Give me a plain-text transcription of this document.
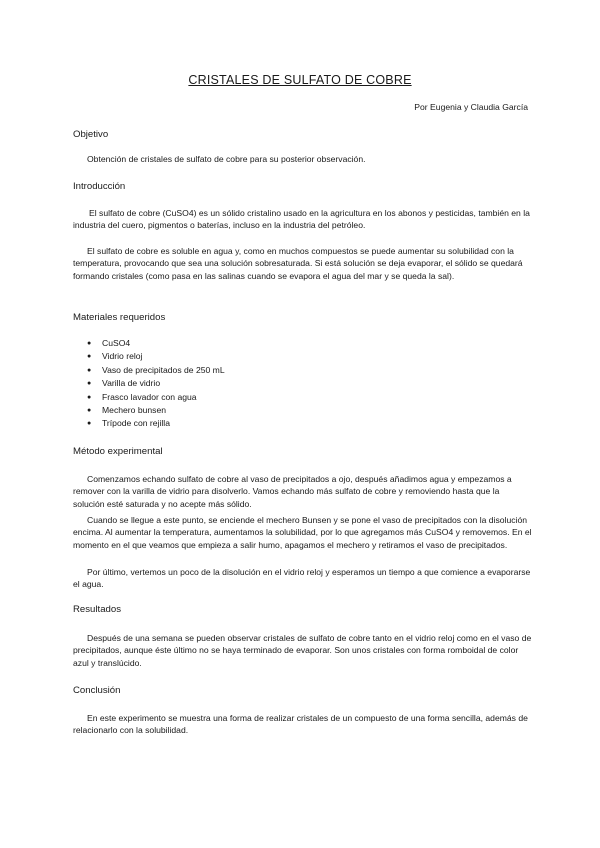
CRISTALES DE SULFATO DE COBRE
Por Eugenia y Claudia García
Objetivo

Obtención de cristales de sulfato de cobre para su posterior observación.

Introducción

El sulfato de cobre (CuSO4) es un sólido cristalino usado en la agricultura en los abonos y pesticidas, también en la industria del cuero, pigmentos o baterías, incluso en la industria del petróleo.

El sulfato de cobre es soluble en agua y, como en muchos compuestos se puede aumentar su solubilidad con la temperatura, provocando que sea una solución sobresaturada. Si está solución se deja evaporar, el sólido se quedará formando cristales (como pasa en las salinas cuando se evapora el agua del mar y se queda la sal).

Materiales requeridos
● CuSO4
● Vidrio reloj
● Vaso de precipitados de 250 mL
● Varilla de vidrio
● Frasco lavador con agua
● Mechero bunsen
● Trípode con rejilla
Método experimental

Comenzamos echando sulfato de cobre al vaso de precipitados a ojo, después añadimos agua y empezamos a remover con la varilla de vidrio para disolverlo. Vamos echando más sulfato de cobre y removiendo hasta que la solución esté saturada y no acepte más sólido.

Cuando se llegue a este punto, se enciende el mechero Bunsen y se pone el vaso de precipitados con la disolución encima. Al aumentar la temperatura, aumentamos la solubilidad, por lo que agregamos más CuSO4 y removemos. En el momento en el que veamos que empieza a salir humo, apagamos el mechero y retiramos el vaso de precipitados.

Por último, vertemos un poco de la disolución en el vidrio reloj y esperamos un tiempo a que comience a evaporarse el agua.

Resultados

Después de una semana se pueden observar cristales de sulfato de cobre tanto en el vidrio reloj como en el vaso de precipitados, aunque éste último no se haya terminado de evaporar. Son unos cristales con forma romboidal de color azul y translúcido.

Conclusión

En este experimento se muestra una forma de realizar cristales de un compuesto de una forma sencilla, además de relacionarlo con la solubilidad.
